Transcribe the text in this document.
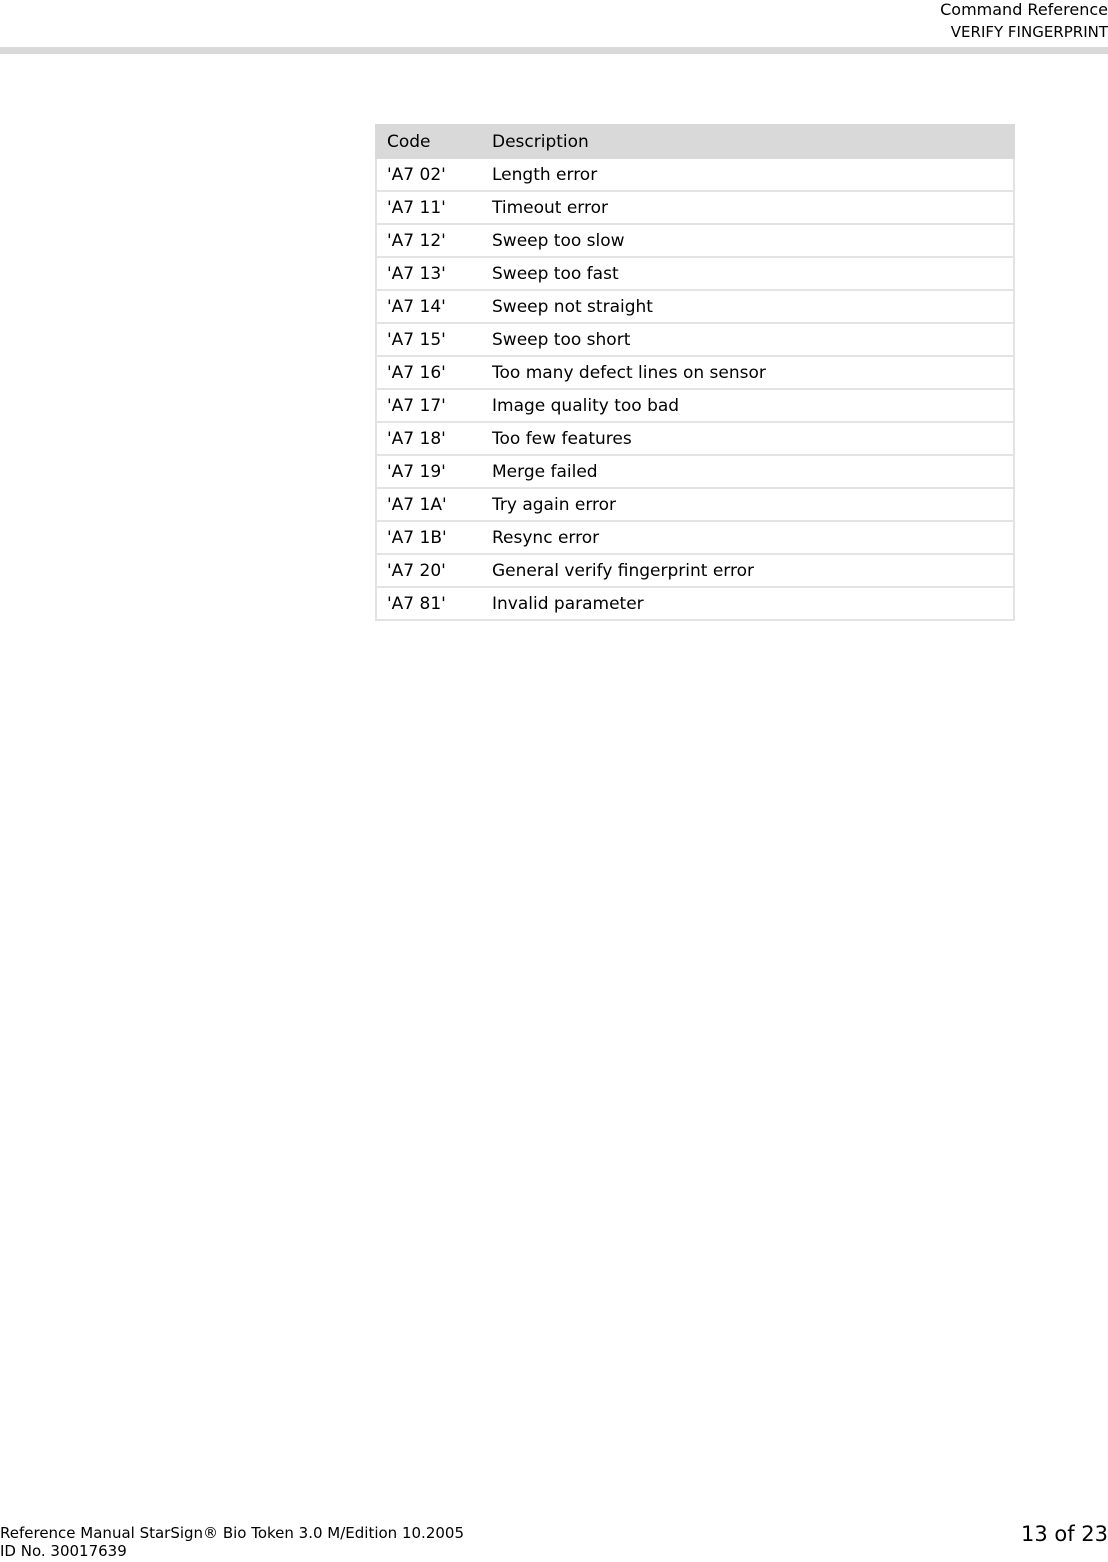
Command Reference
VERIFY FINGERPRINT
Code	Description
'A7 02'	Length error
'A7 11'	Timeout error
'A7 12'	Sweep too slow
'A7 13'	Sweep too fast
'A7 14'	Sweep not straight
'A7 15'	Sweep too short
'A7 16'	Too many defect lines on sensor
'A7 17'	Image quality too bad
'A7 18'	Too few features
'A7 19'	Merge failed
'A7 1A'	Try again error
'A7 1B'	Resync error
'A7 20'	General verify fingerprint error
'A7 81'	Invalid parameter
Reference Manual StarSign® Bio Token 3.0 M/Edition 10.2005
ID No. 30017639
13 of 23
